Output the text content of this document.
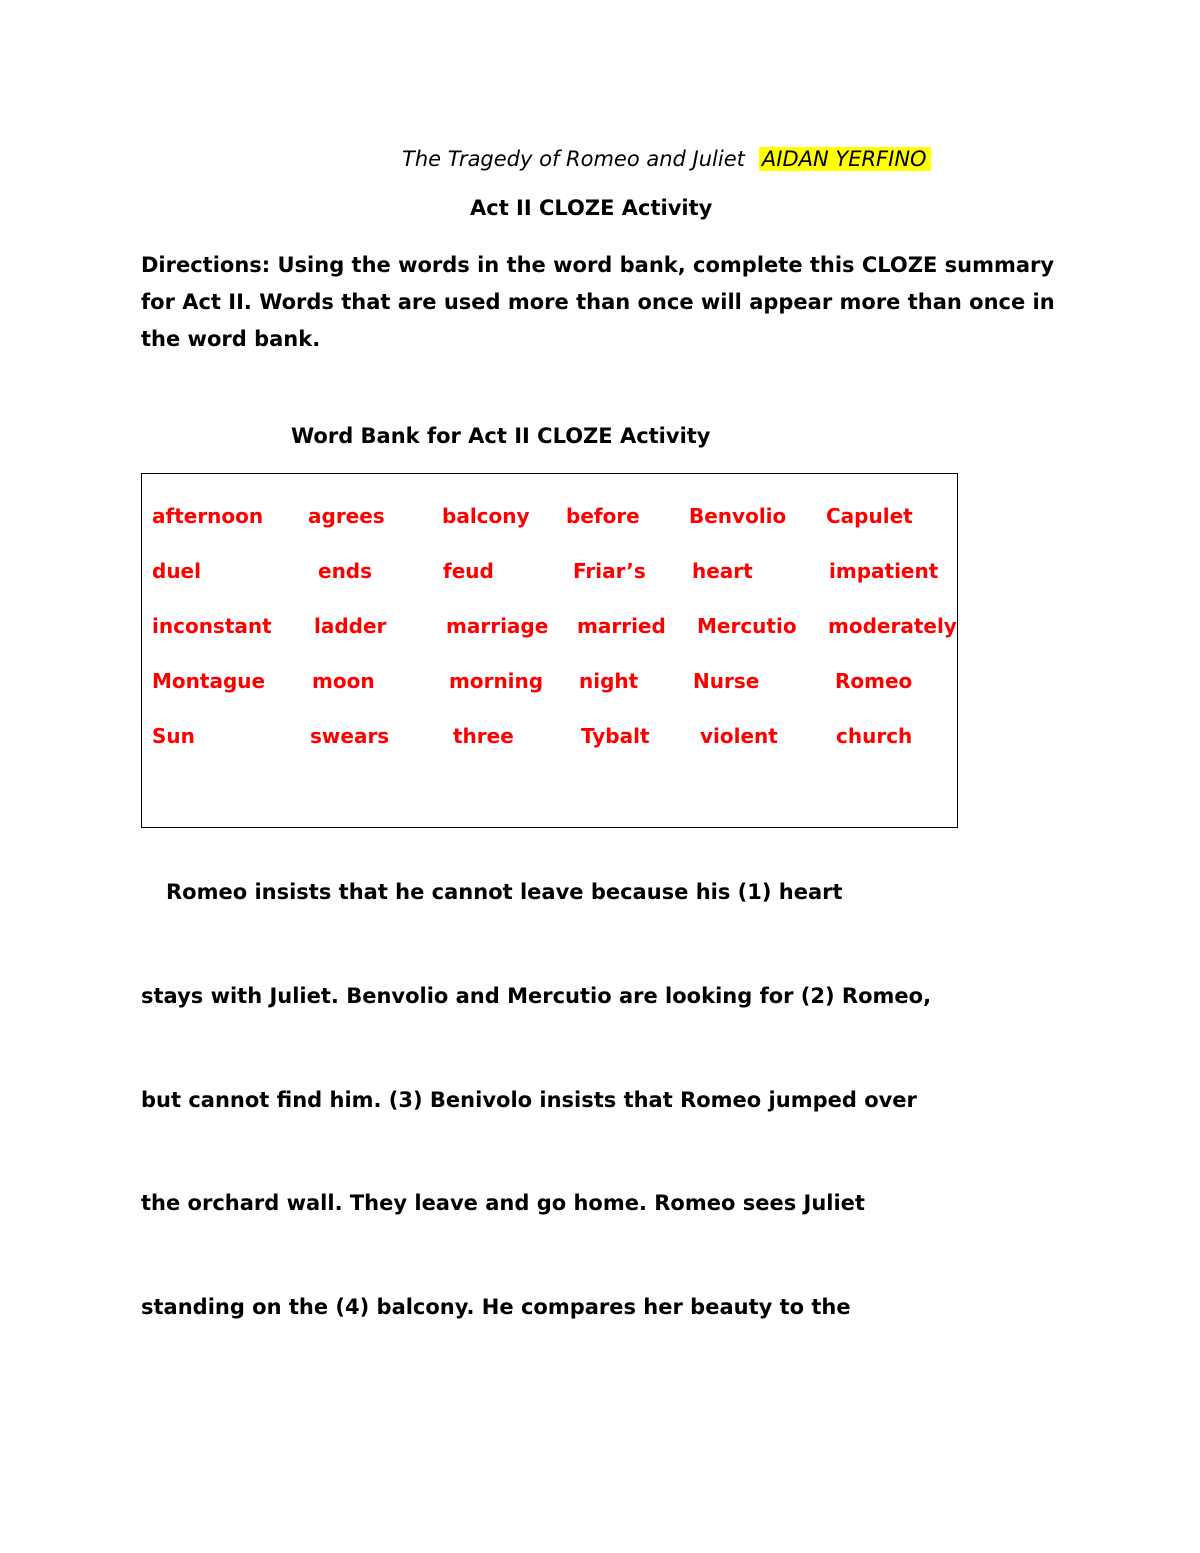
The Tragedy of Romeo and Juliet AIDAN YERFINO
Act II CLOZE Activity
Directions: Using the words in the word bank, complete this CLOZE summary
for Act II. Words that are used more than once will appear more than once in
the word bank.
Word Bank for Act II CLOZE Activity
afternoon agrees	balcony before Benvolio Capulet
duel	ends	feud	Friar’s heart	impatient
inconstant ladder	marriage married Mercutio moderately
Montague moon	morning night	Nurse	Romeo
Sun	swears	three	Tybalt	violent	church
Romeo insists that he cannot leave because his (1) heart
stays with Juliet. Benvolio and Mercutio are looking for (2) Romeo,
but cannot find him. (3) Benivolo insists that Romeo jumped over
the orchard wall. They leave and go home. Romeo sees Juliet
standing on the (4) balcony. He compares her beauty to the
